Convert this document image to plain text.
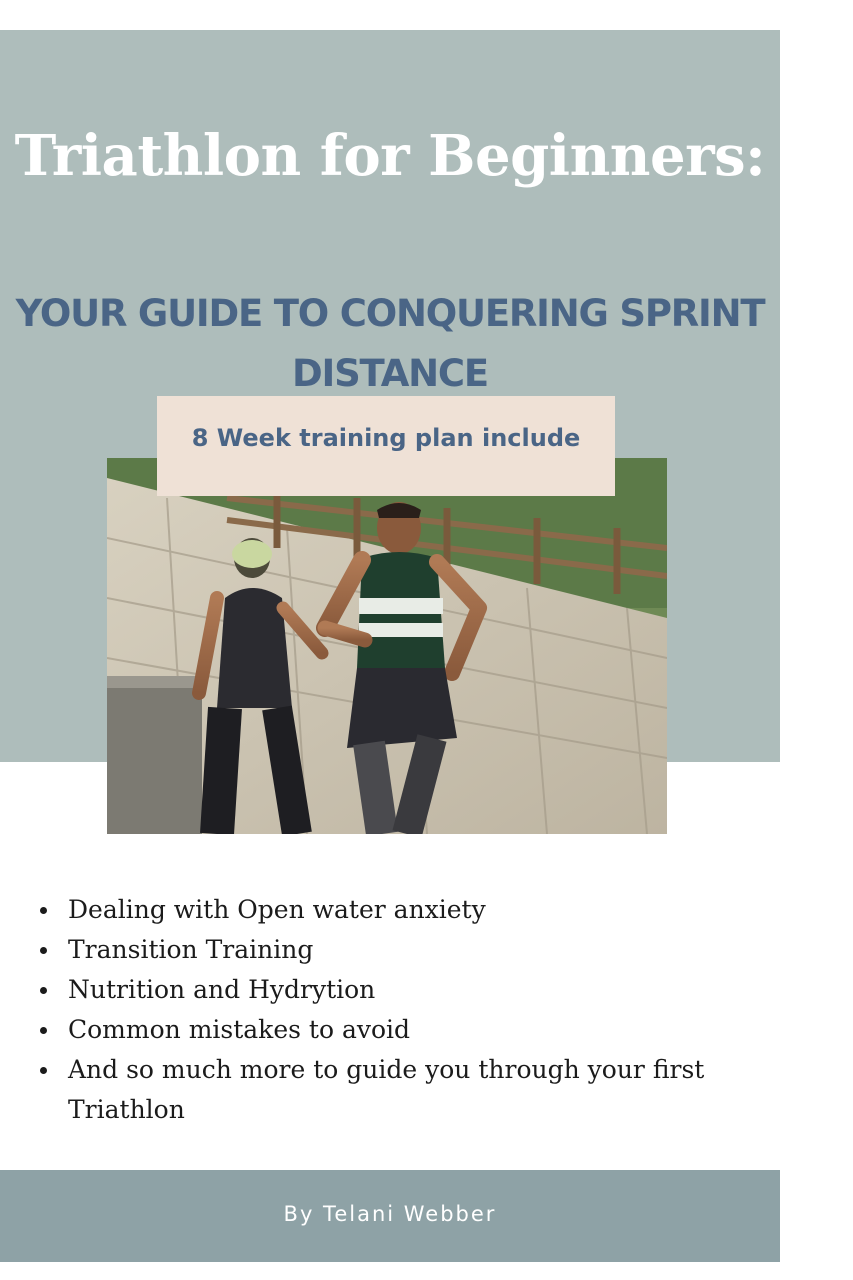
Triathlon for Beginners:
YOUR GUIDE TO CONQUERING SPRINT DISTANCE
8 Week training plan include
Dealing with Open water anxiety
Transition Training
Nutrition and Hydrytion
Common mistakes to avoid
And so much more to guide you through your first Triathlon
By Telani Webber
